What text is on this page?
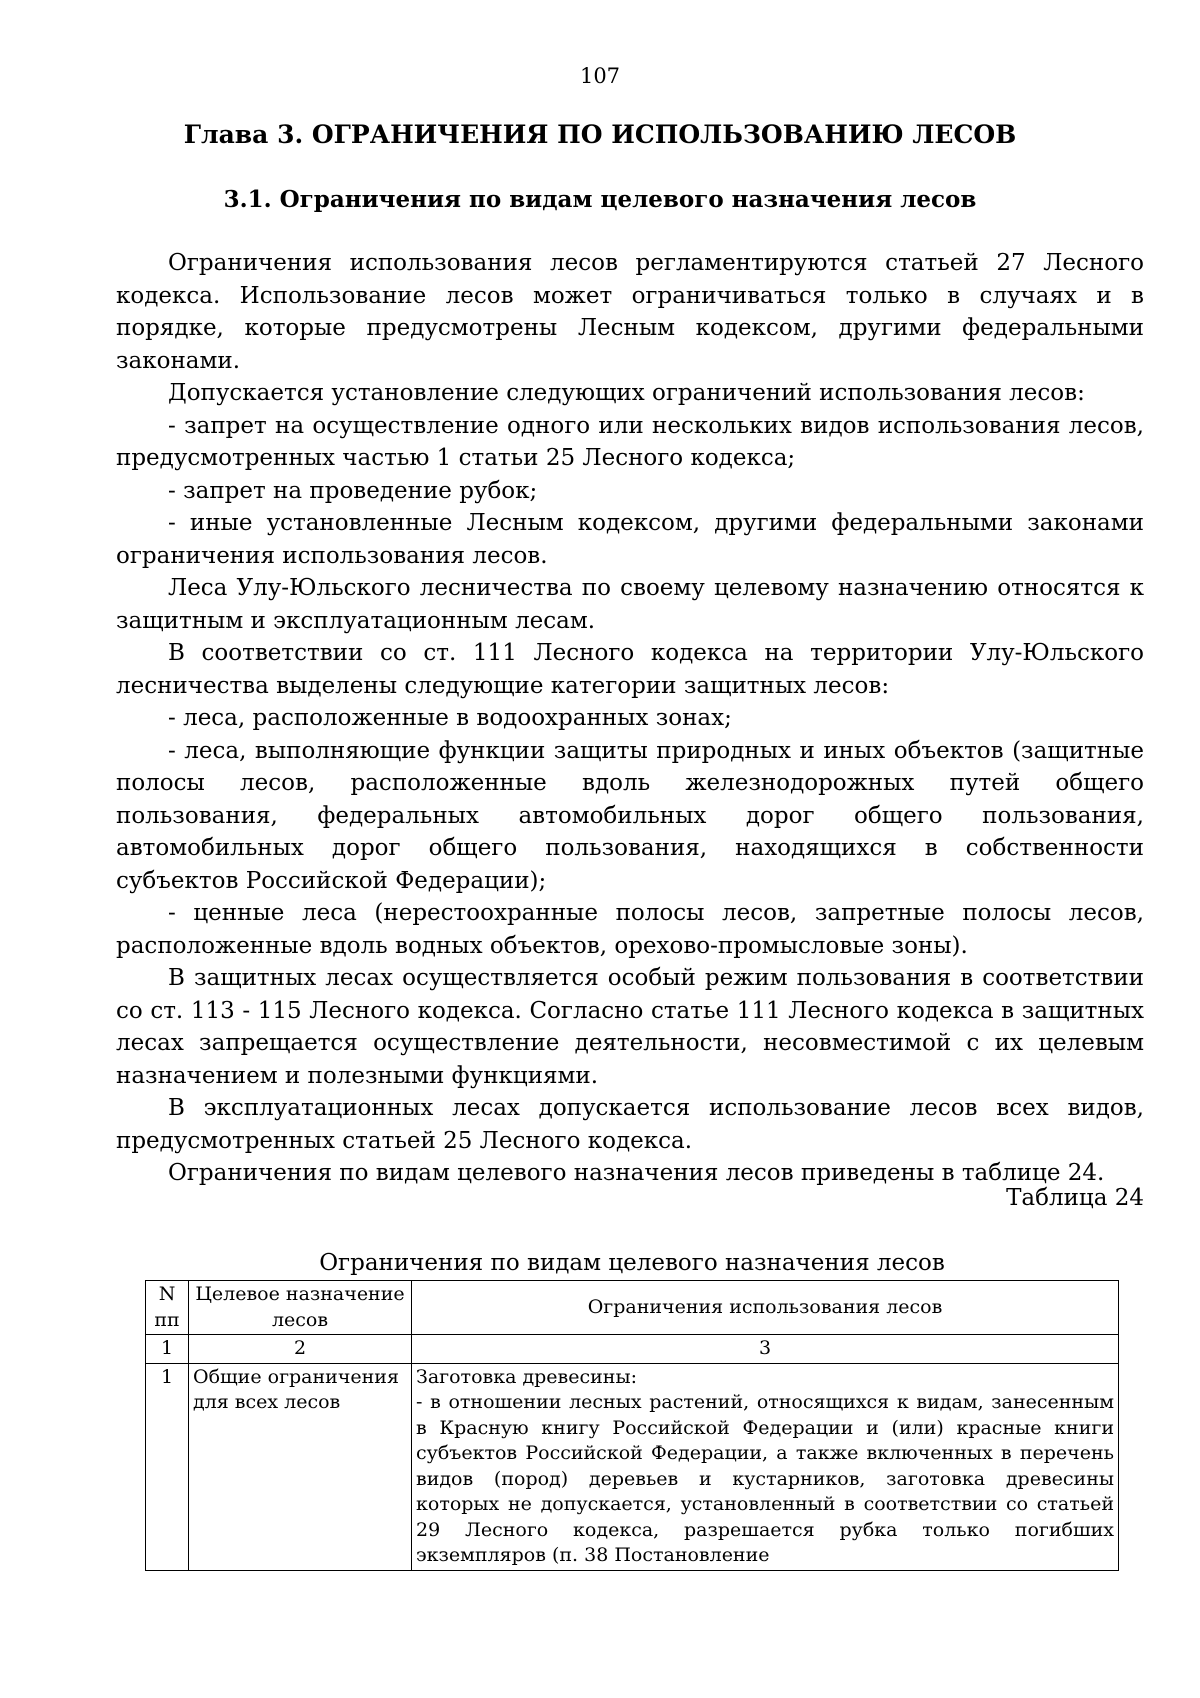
107
Глава 3. ОГРАНИЧЕНИЯ ПО ИСПОЛЬЗОВАНИЮ ЛЕСОВ
3.1. Ограничения по видам целевого назначения лесов

Ограничения использования лесов регламентируются статьей 27 Лесного кодекса. Использование лесов может ограничиваться только в случаях и в порядке, которые предусмотрены Лесным кодексом, другими федеральными законами.

Допускается установление следующих ограничений использования лесов:

- запрет на осуществление одного или нескольких видов использования лесов, предусмотренных частью 1 статьи 25 Лесного кодекса;

- запрет на проведение рубок;

- иные установленные Лесным кодексом, другими федеральными законами ограничения использования лесов.

Леса Улу-Юльского лесничества по своему целевому назначению относятся к защитным и эксплуатационным лесам.

В соответствии со ст. 111 Лесного кодекса на территории Улу-Юльского лесничества выделены следующие категории защитных лесов:

- леса, расположенные в водоохранных зонах;

- леса, выполняющие функции защиты природных и иных объектов (защитные полосы лесов, расположенные вдоль железнодорожных путей общего пользования, федеральных автомобильных дорог общего пользования, автомобильных дорог общего пользования, находящихся в собственности субъектов Российской Федерации);

- ценные леса (нерестоохранные полосы лесов, запретные полосы лесов, расположенные вдоль водных объектов, орехово-промысловые зоны).

В защитных лесах осуществляется особый режим пользования в соответствии со ст. 113 - 115 Лесного кодекса. Согласно статье 111 Лесного кодекса в защитных лесах запрещается осуществление деятельности, несовместимой с их целевым назначением и полезными функциями.

В эксплуатационных лесах допускается использование лесов всех видов, предусмотренных статьей 25 Лесного кодекса.

Ограничения по видам целевого назначения лесов приведены в таблице 24.

Таблица 24
Ограничения по видам целевого назначения лесов
N пп	Целевое назначение лесов	Ограничения использования лесов
1	2	3
1	Общие ограничения для всех лесов	Заготовка древесины:
- в отношении лесных растений, относящихся к видам, занесенным в Красную книгу Российской Федерации и (или) красные книги субъектов Российской Федерации, а также включенных в перечень видов (пород) деревьев и кустарников, заготовка древесины которых не допускается, установленный в соответствии со статьей 29 Лесного кодекса, разрешается рубка только погибших экземпляров (п. 38 Постановление
